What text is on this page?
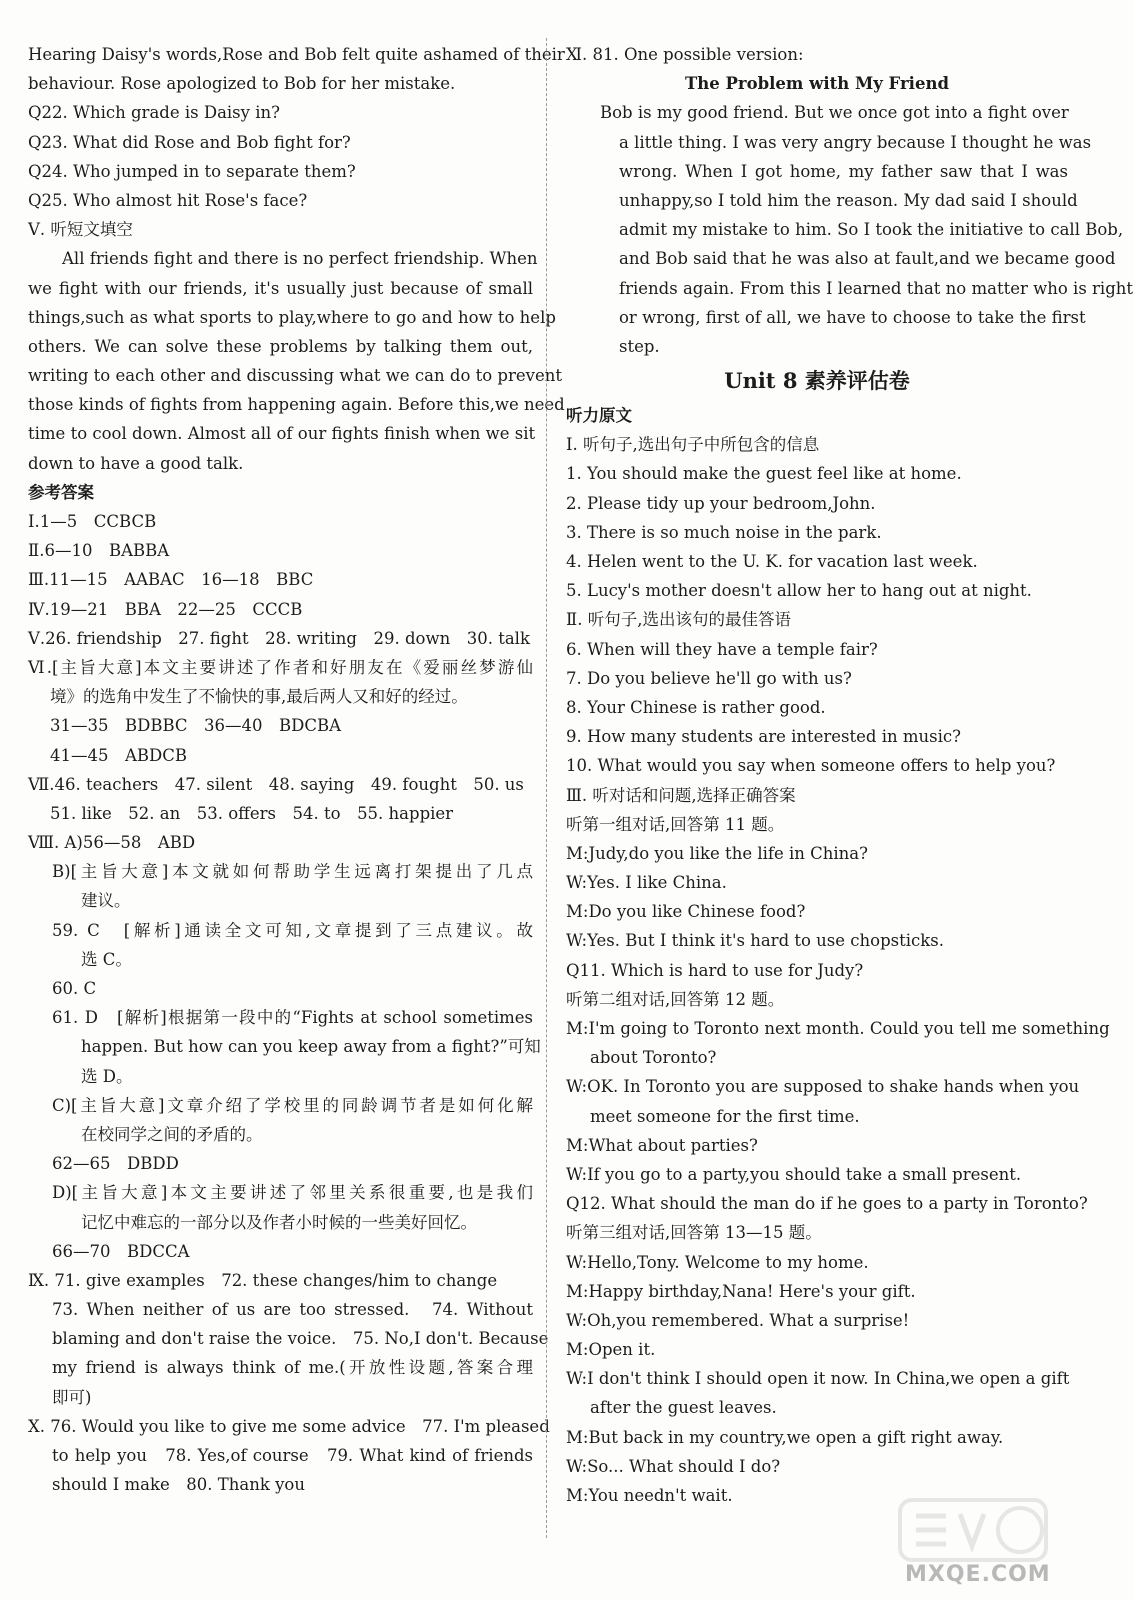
Hearing Daisy's words,Rose and Bob felt quite ashamed of their
behaviour. Rose apologized to Bob for her mistake.
Q22. Which grade is Daisy in?
Q23. What did Rose and Bob fight for?
Q24. Who jumped in to separate them?
Q25. Who almost hit Rose's face?
Ⅴ. 听短文填空
All friends fight and there is no perfect friendship. When
we fight with our friends, it's usually just because of small
things,such as what sports to play,where to go and how to help
others. We can solve these problems by talking them out,
writing to each other and discussing what we can do to prevent
those kinds of fights from happening again. Before this,we need
time to cool down. Almost all of our fights finish when we sit
down to have a good talk.
参考答案
Ⅰ.1—5　CCBCB
Ⅱ.6—10　BABBA
Ⅲ.11—15　AABAC　16—18　BBC
Ⅳ.19—21　BBA　22—25　CCCB
Ⅴ.26. friendship　27. fight　28. writing　29. down　30. talk
Ⅵ.[主旨大意]本文主要讲述了作者和好朋友在《爱丽丝梦游仙
境》的选角中发生了不愉快的事,最后两人又和好的经过。
31—35　BDBBC　36—40　BDCBA
41—45　ABDCB
Ⅶ.46. teachers　47. silent　48. saying　49. fought　50. us
51. like　52. an　53. offers　54. to　55. happier
Ⅷ. A)56—58　ABD
B)[主旨大意]本文就如何帮助学生远离打架提出了几点
建议。
59. C　[解析]通读全文可知,文章提到了三点建议。故
选 C。
60. C
61. D　[解析]根据第一段中的“Fights at school sometimes
happen. But how can you keep away from a fight?”可知
选 D。
C)[主旨大意]文章介绍了学校里的同龄调节者是如何化解
在校同学之间的矛盾的。
62—65　DBDD
D)[主旨大意]本文主要讲述了邻里关系很重要,也是我们
记忆中难忘的一部分以及作者小时候的一些美好回忆。
66—70　BDCCA
Ⅸ. 71. give examples　72. these changes/him to change
73. When neither of us are too stressed.　74. Without
blaming and don't raise the voice.　75. No,I don't. Because
my friend is always think of me.(开放性设题,答案合理
即可)
Ⅹ. 76. Would you like to give me some advice　77. I'm pleased
to help you　78. Yes,of course　79. What kind of friends
should I make　80. Thank you
Ⅺ. 81. One possible version:
The Problem with My Friend
Bob is my good friend. But we once got into a fight over
a little thing. I was very angry because I thought he was
wrong. When I got home, my father saw that I was
unhappy,so I told him the reason. My dad said I should
admit my mistake to him. So I took the initiative to call Bob,
and Bob said that he was also at fault,and we became good
friends again. From this I learned that no matter who is right
or wrong, first of all, we have to choose to take the first
step.
Unit 8 素养评估卷
听力原文
Ⅰ. 听句子,选出句子中所包含的信息
1. You should make the guest feel like at home.
2. Please tidy up your bedroom,John.
3. There is so much noise in the park.
4. Helen went to the U. K. for vacation last week.
5. Lucy's mother doesn't allow her to hang out at night.
Ⅱ. 听句子,选出该句的最佳答语
6. When will they have a temple fair?
7. Do you believe he'll go with us?
8. Your Chinese is rather good.
9. How many students are interested in music?
10. What would you say when someone offers to help you?
Ⅲ. 听对话和问题,选择正确答案
听第一组对话,回答第 11 题。
M:Judy,do you like the life in China?
W:Yes. I like China.
M:Do you like Chinese food?
W:Yes. But I think it's hard to use chopsticks.
Q11. Which is hard to use for Judy?
听第二组对话,回答第 12 题。
M:I'm going to Toronto next month. Could you tell me something
about Toronto?
W:OK. In Toronto you are supposed to shake hands when you
meet someone for the first time.
M:What about parties?
W:If you go to a party,you should take a small present.
Q12. What should the man do if he goes to a party in Toronto?
听第三组对话,回答第 13—15 题。
W:Hello,Tony. Welcome to my home.
M:Happy birthday,Nana! Here's your gift.
W:Oh,you remembered. What a surprise!
M:Open it.
W:I don't think I should open it now. In China,we open a gift
after the guest leaves.
M:But back in my country,we open a gift right away.
W:So... What should I do?
M:You needn't wait.
MXQE.COM
